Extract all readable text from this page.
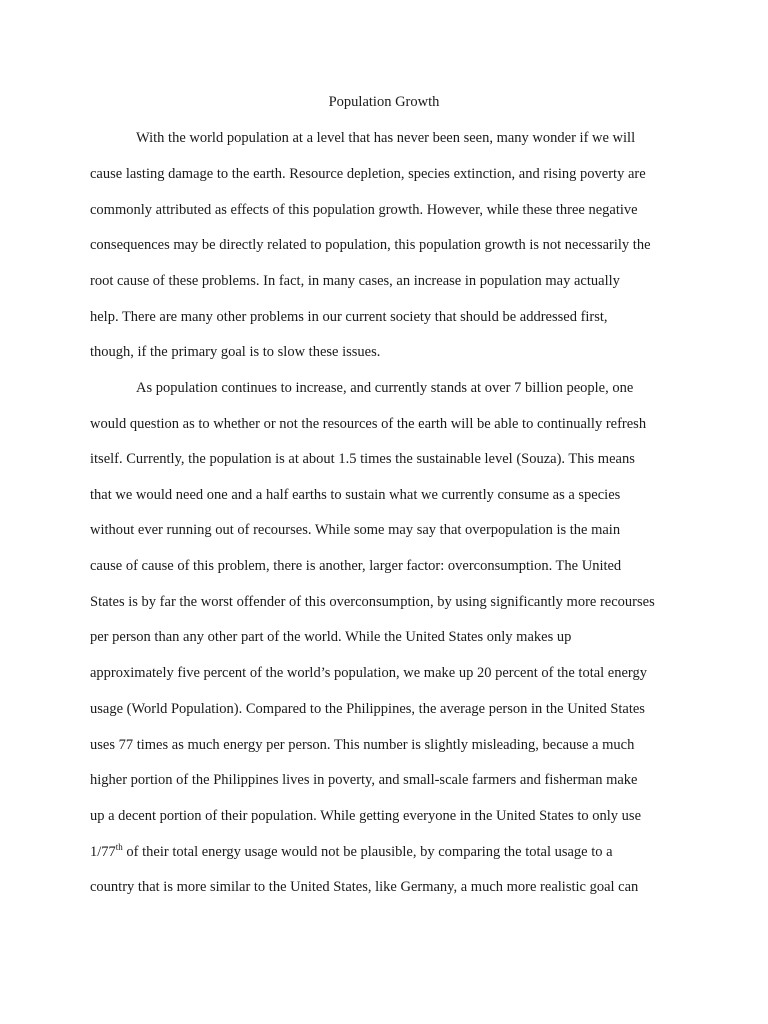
Population Growth

With the world population at a level that has never been seen, many wonder if we will

cause lasting damage to the earth. Resource depletion, species extinction, and rising poverty are

commonly attributed as effects of this population growth. However, while these three negative

consequences may be directly related to population, this population growth is not necessarily the

root cause of these problems. In fact, in many cases, an increase in population may actually

help. There are many other problems in our current society that should be addressed first,

though, if the primary goal is to slow these issues.

As population continues to increase, and currently stands at over 7 billion people, one

would question as to whether or not the resources of the earth will be able to continually refresh

itself. Currently, the population is at about 1.5 times the sustainable level (Souza). This means

that we would need one and a half earths to sustain what we currently consume as a species

without ever running out of recourses. While some may say that overpopulation is the main

cause of cause of this problem, there is another, larger factor: overconsumption. The United

States is by far the worst offender of this overconsumption, by using significantly more recourses

per person than any other part of the world. While the United States only makes up

approximately five percent of the world’s population, we make up 20 percent of the total energy

usage (World Population). Compared to the Philippines, the average person in the United States

uses 77 times as much energy per person. This number is slightly misleading, because a much

higher portion of the Philippines lives in poverty, and small-scale farmers and fisherman make

up a decent portion of their population. While getting everyone in the United States to only use

1/77th of their total energy usage would not be plausible, by comparing the total usage to a

country that is more similar to the United States, like Germany, a much more realistic goal can
